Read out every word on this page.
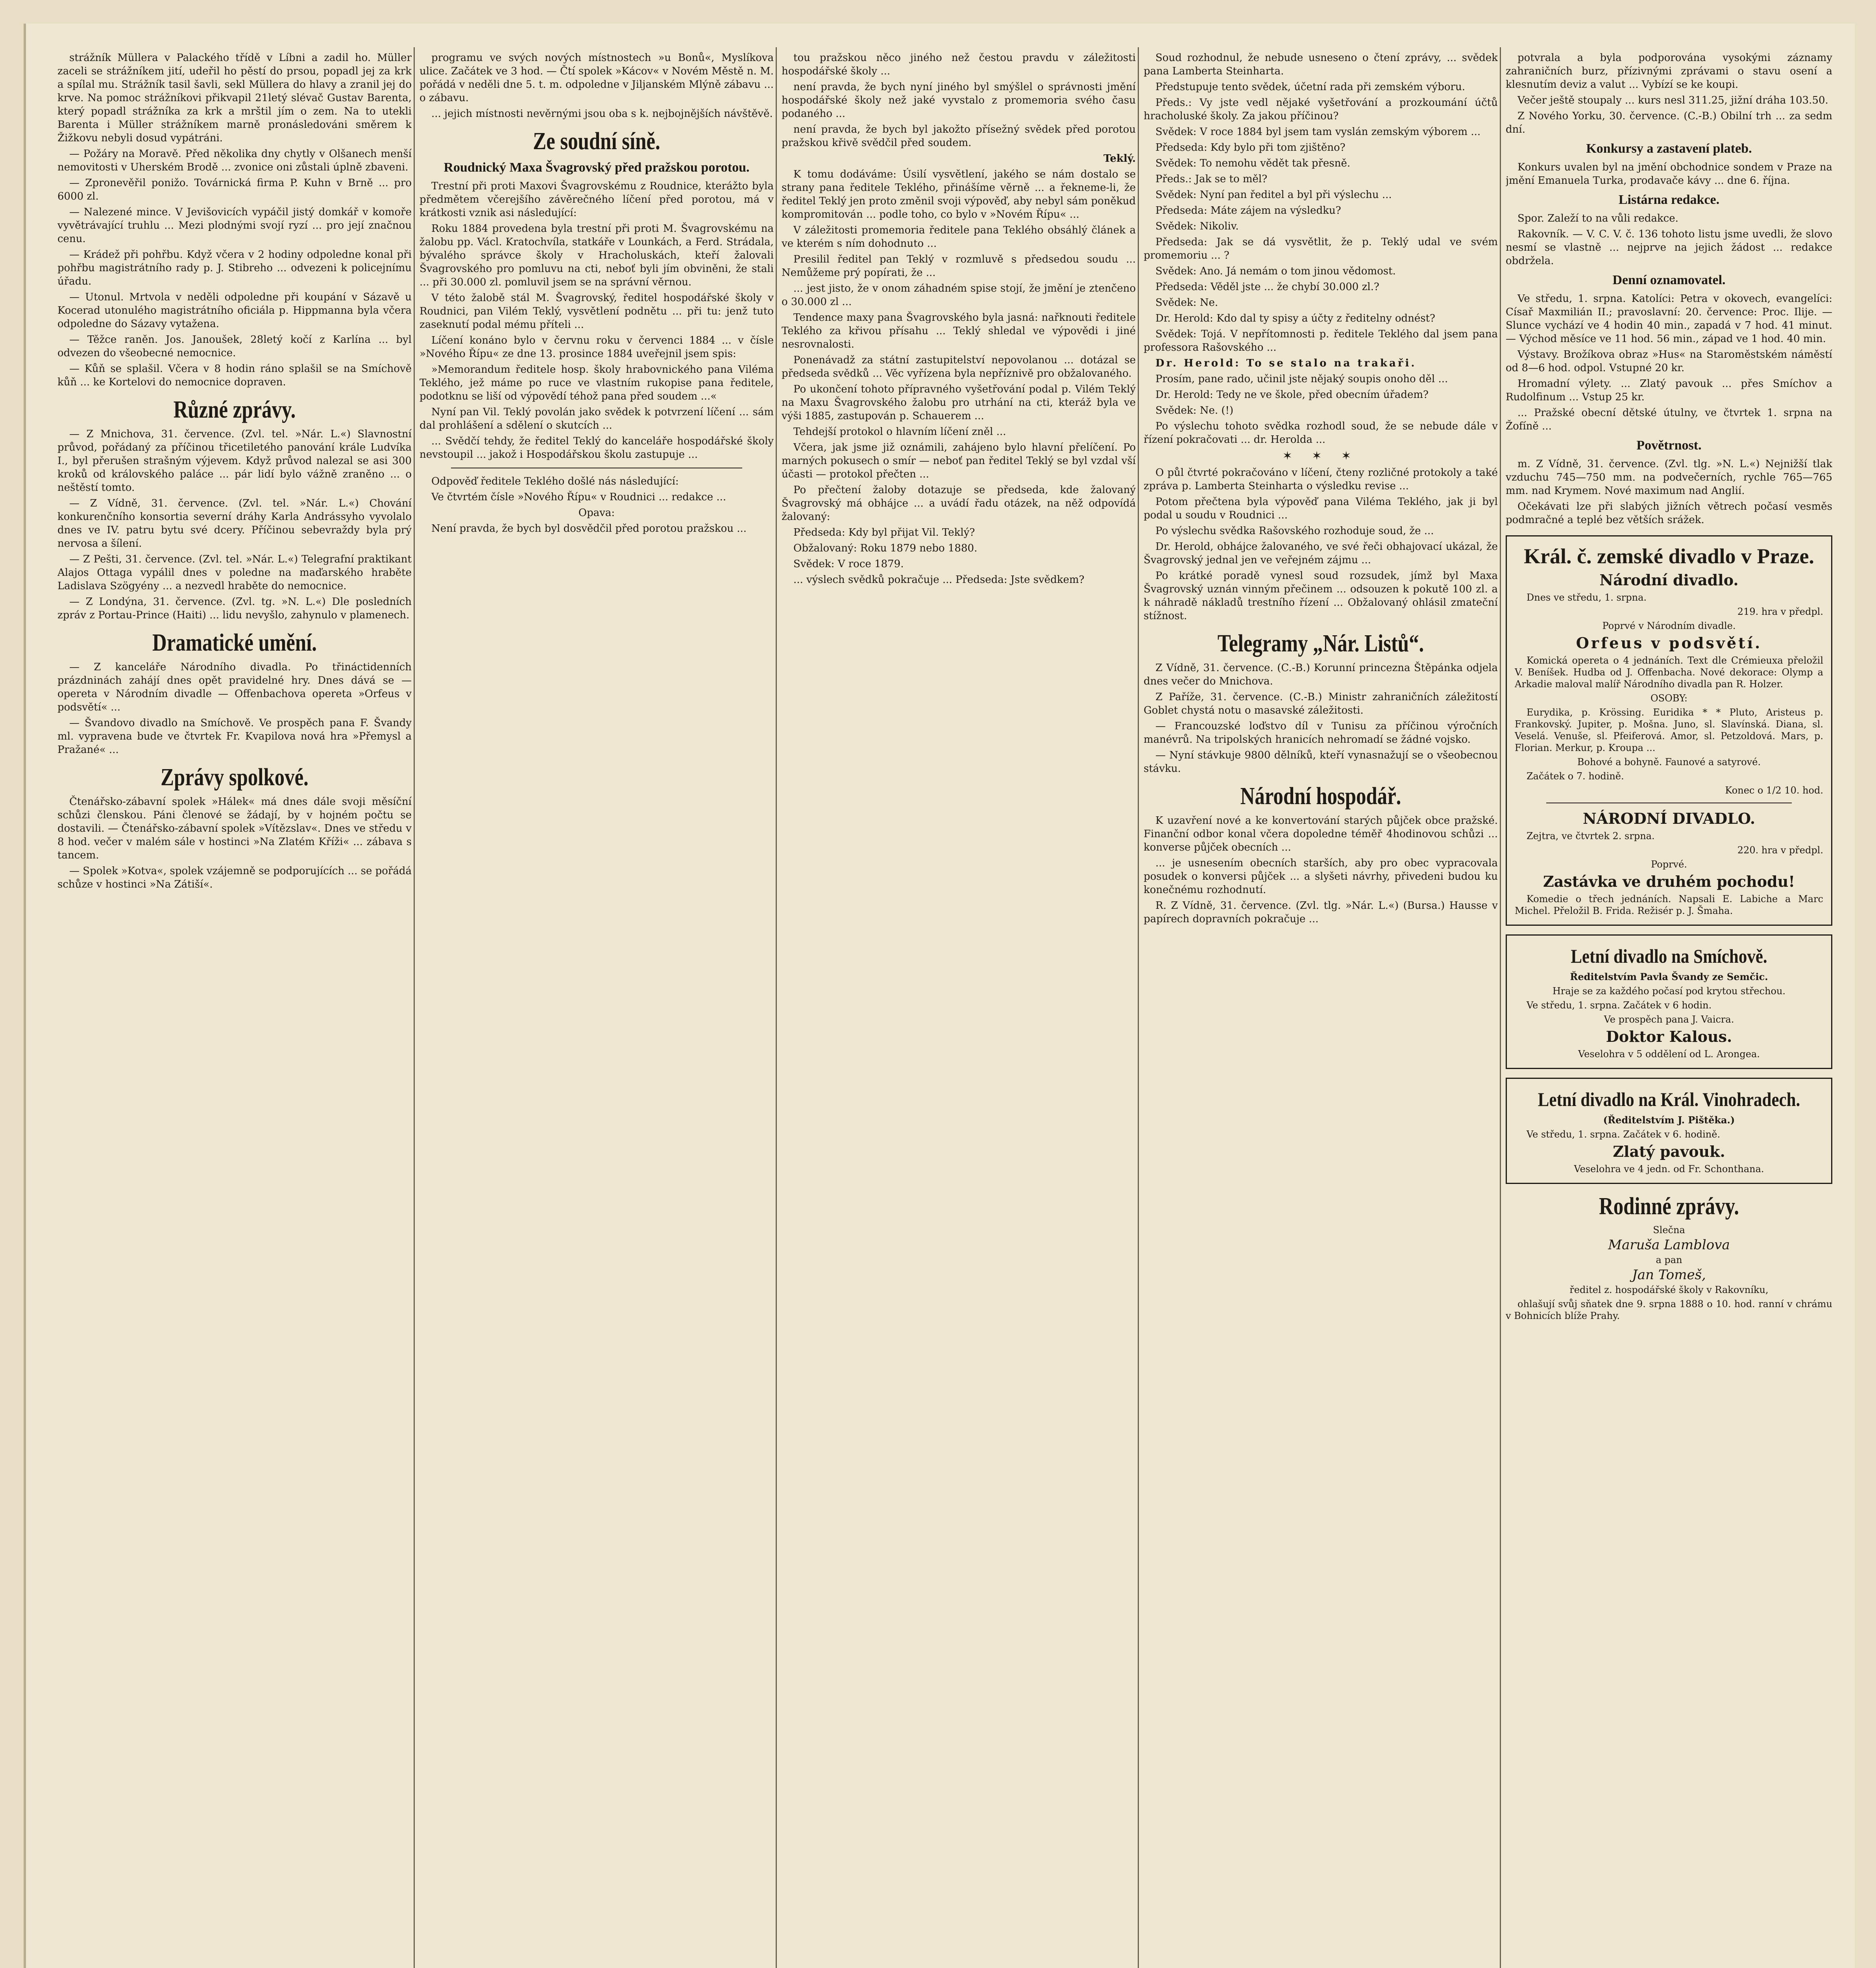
strážník Müllera v Palackého třídě v Líbni a zadil ho. Müller zaceli se strážníkem jití, udeřil ho pěstí do prsou, popadl jej za krk a spílal mu. Strážník tasil šavli, sekl Müllera do hlavy a zranil jej do krve. Na pomoc strážníkovi přikvapil 21letý slévač Gustav Barenta, který popadl strážníka za krk a mrštil jím o zem. Na to utekli Barenta i Müller strážníkem marně pronásledováni směrem k Žižkovu nebyli dosud vypátráni.

— Požáry na Moravě. Před několika dny chytly v Olšanech menší nemovitosti v Uherském Brodě ... zvonice oni zůstali úplně zbaveni.

— Zpronevěřil ponižo. Továrnická firma P. Kuhn v Brně ... pro 6000 zl.

— Nalezené mince. V Jevišovicích vypáčil jistý domkář v komoře vyvětrávající truhlu ... Mezi plodnými svojí ryzí ... pro její značnou cenu.

— Krádež při pohřbu. Když včera v 2 hodiny odpoledne konal při pohřbu magistrátního rady p. J. Stibreho ... odvezeni k policejnímu úřadu.

— Utonul. Mrtvola v neděli odpoledne při koupání v Sázavě u Kocerad utonulého magistrátního oficiála p. Hippmanna byla včera odpoledne do Sázavy vytažena.

— Těžce raněn. Jos. Janoušek, 28letý kočí z Karlína ... byl odvezen do všeobecné nemocnice.

— Kůň se splašil. Včera v 8 hodin ráno splašil se na Smíchově kůň ... ke Kortelovi do nemocnice dopraven.

Různé zprávy.

— Z Mnichova, 31. července. (Zvl. tel. »Nár. L.«) Slavnostní průvod, pořádaný za příčinou třicetiletého panování krále Ludvíka I., byl přerušen strašným výjevem. Když průvod nalezal se asi 300 kroků od královského paláce ... pár lidí bylo vážně zraněno ... o neštěstí tomto.

— Z Vídně, 31. července. (Zvl. tel. »Nár. L.«) Chování konkurenčního konsortia severní dráhy Karla Andrássyho vyvolalo dnes ve IV. patru bytu své dcery. Příčinou sebevraždy byla prý nervosa a šílení.

— Z Pešti, 31. července. (Zvl. tel. »Nár. L.«) Telegrafní praktikant Alajos Ottaga vypálil dnes v poledne na maďarského hraběte Ladislava Szögyény ... a nezvedl hraběte do nemocnice.

— Z Londýna, 31. července. (Zvl. tg. »N. L.«) Dle posledních zpráv z Portau-Prince (Haiti) ... lidu nevyšlo, zahynulo v plamenech.

Dramatické umění.

— Z kanceláře Národního divadla. Po třináctidenních prázdninách zahájí dnes opět pravidelné hry. Dnes dává se — opereta v Národním divadle — Offenbachova opereta »Orfeus v podsvětí« ...

— Švandovo divadlo na Smíchově. Ve prospěch pana F. Švandy ml. vypravena bude ve čtvrtek Fr. Kvapilova nová hra »Přemysl a Pražané« ...

Zprávy spolkové.

Čtenářsko-zábavní spolek »Hálek« má dnes dále svoji měsíční schůzi členskou. Páni členové se žádají, by v hojném počtu se dostavili. — Čtenářsko-zábavní spolek »Vítězslav«. Dnes ve středu v 8 hod. večer v malém sále v hostinci »Na Zlatém Kříži« ... zábava s tancem.

— Spolek »Kotva«, spolek vzájemně se podporujících ... se pořádá schůze v hostinci »Na Zátiší«.

programu ve svých nových místnostech »u Bonů«, Myslíkova ulice. Začátek ve 3 hod. — Čtí spolek »Kácov« v Novém Městě n. M. pořádá v neděli dne 5. t. m. odpoledne v Jiljanském Mlýně zábavu ... o zábavu.

... jejich místnosti nevěrnými jsou oba s k. nejbojnějších návštěvě.

Ze soudní síně.
Roudnický Maxa Švagrovský před pražskou porotou.

Trestní při proti Maxovi Švagrovskému z Roudnice, kterážto byla předmětem včerejšího závěrečného líčení před porotou, má v krátkosti vznik asi následující:

Roku 1884 provedena byla trestní při proti M. Švagrovskému na žalobu pp. Václ. Kratochvíla, statkáře v Lounkách, a Ferd. Strádala, bývalého správce školy v Hracholuskách, kteří žalovali Švagrovského pro pomluvu na cti, neboť byli jím obviněni, že stali ... při 30.000 zl. pomluvil jsem se na správní věrnou.

V této žalobě stál M. Švagrovský, ředitel hospodářské školy v Roudnici, pan Vilém Teklý, vysvětlení podnětu ... při tu: jenž tuto zaseknutí podal mému příteli ...

Líčení konáno bylo v červnu roku v červenci 1884 ... v čísle »Nového Řípu« ze dne 13. prosince 1884 uveřejnil jsem spis:

»Memorandum ředitele hosp. školy hrabovnického pana Viléma Teklého, jež máme po ruce ve vlastním rukopise pana ředitele, podotknu se liší od výpovědí téhož pana před soudem ...«

Nyní pan Vil. Teklý povolán jako svědek k potvrzení líčení ... sám dal prohlášení a sdělení o skutcích ...

... Svědčí tehdy, že ředitel Teklý do kanceláře hospodářské školy nevstoupil ... jakož i Hospodářskou školu zastupuje ...

Odpověď ředitele Teklého došlé nás následující:

Ve čtvrtém čísle »Nového Řípu« v Roudnici ... redakce ...

Opava:

Není pravda, že bych byl dosvědčil před porotou pražskou ...

tou pražskou něco jiného než čestou pravdu v záležitosti hospodářské školy ...

není pravda, že bych nyní jiného byl smýšlel o správnosti jmění hospodářské školy než jaké vyvstalo z promemoria svého času podaného ...

není pravda, že bych byl jakožto přísežný svědek před porotou pražskou křivě svědčil před soudem.

Teklý.

K tomu dodáváme: Úsilí vysvětlení, jakého se nám dostalo se strany pana ředitele Teklého, přinášíme věrně ... a řekneme-li, že ředitel Teklý jen proto změnil svoji výpověď, aby nebyl sám poněkud kompromitován ... podle toho, co bylo v »Novém Řípu« ...

V záležitosti promemoria ředitele pana Teklého obsáhlý článek a ve kterém s ním dohodnuto ...

Presilil ředitel pan Teklý v rozmluvě s předsedou soudu ... Nemůžeme prý popírati, že ...

... jest jisto, že v onom záhadném spise stojí, že jmění je ztenčeno o 30.000 zl ...

Tendence maxy pana Švagrovského byla jasná: nařknouti ředitele Teklého za křivou přísahu ... Teklý shledal ve výpovědi i jiné nesrovnalosti.

Ponenávadž za státní zastupitelství nepovolanou ... dotázal se předseda svědků ... Věc vyřízena byla nepříznivě pro obžalovaného.

Po ukončení tohoto přípravného vyšetřování podal p. Vilém Teklý na Maxu Švagrovského žalobu pro utrhání na cti, kteráž byla ve výši 1885, zastupován p. Schauerem ...

Tehdejší protokol o hlavním líčení zněl ...

Včera, jak jsme již oznámili, zahájeno bylo hlavní přelíčení. Po marných pokusech o smír — neboť pan ředitel Teklý se byl vzdal vší účasti — protokol přečten ...

Po přečtení žaloby dotazuje se předseda, kde žalovaný Švagrovský má obhájce ... a uvádí řadu otázek, na něž odpovídá žalovaný:

Předseda: Kdy byl přijat Vil. Teklý?

Obžalovaný: Roku 1879 nebo 1880.

Svědek: V roce 1879.

... výslech svědků pokračuje ... Předseda: Jste svědkem?

Soud rozhodnul, že nebude usneseno o čtení zprávy, ... svědek pana Lamberta Steinharta.

Předstupuje tento svědek, účetní rada při zemském výboru.

Předs.: Vy jste vedl nějaké vyšetřování a prozkoumání účtů hracholuské školy. Za jakou příčinou?

Svědek: V roce 1884 byl jsem tam vyslán zemským výborem ...

Předseda: Kdy bylo při tom zjištěno?

Svědek: To nemohu vědět tak přesně.

Předs.: Jak se to měl?

Svědek: Nyní pan ředitel a byl při výslechu ...

Předseda: Máte zájem na výsledku?

Svědek: Nikoliv.

Předseda: Jak se dá vysvětlit, že p. Teklý udal ve svém promemoriu ... ?

Svědek: Ano. Já nemám o tom jinou vědomost.

Předseda: Věděl jste ... že chybí 30.000 zl.?

Svědek: Ne.

Dr. Herold: Kdo dal ty spisy a účty z ředitelny odnést?

Svědek: Tojá. V nepřítomnosti p. ředitele Teklého dal jsem pana professora Rašovského ...

Dr. Herold: To se stalo na trakaři.

Prosím, pane rado, učinil jste nějaký soupis onoho děl ...

Dr. Herold: Tedy ne ve škole, před obecním úřadem?

Svědek: Ne. (!)

Po výslechu tohoto svědka rozhodl soud, že se nebude dále v řízení pokračovati ... dr. Herolda ...

✶ ✶ ✶

O půl čtvrté pokračováno v líčení, čteny rozličné protokoly a také zpráva p. Lamberta Steinharta o výsledku revise ...

Potom přečtena byla výpověď pana Viléma Teklého, jak ji byl podal u soudu v Roudnici ...

Po výslechu svědka Rašovského rozhoduje soud, že ...

Dr. Herold, obhájce žalovaného, ve své řeči obhajovací ukázal, že Švagrovský jednal jen ve veřejném zájmu ...

Po krátké poradě vynesl soud rozsudek, jímž byl Maxa Švagrovský uznán vinným přečinem ... odsouzen k pokutě 100 zl. a k náhradě nákladů trestního řízení ... Obžalovaný ohlásil zmateční stížnost.

Telegramy „Nár. Listů“.

Z Vídně, 31. července. (C.-B.) Korunní princezna Štěpánka odjela dnes večer do Mnichova.

Z Paříže, 31. července. (C.-B.) Ministr zahraničních záležitostí Goblet chystá notu o masavské záležitosti.

— Francouzské loďstvo díl v Tunisu za příčinou výročních manévrů. Na tripolských hranicích nehromadí se žádné vojsko.

— Nyní stávkuje 9800 dělníků, kteří vynasnažují se o všeobecnou stávku.

Národní hospodář.

K uzavření nové a ke konvertování starých půjček obce pražské. Finanční odbor konal včera dopoledne téměř 4hodinovou schůzi ... konverse půjček obecních ...

... je usnesením obecních starších, aby pro obec vypracovala posudek o konversi půjček ... a slyšeti návrhy, přivedeni budou ku konečnému rozhodnutí.

R. Z Vídně, 31. července. (Zvl. tlg. »Nár. L.«) (Bursa.) Hausse v papírech dopravních pokračuje ...

potvrala a byla podporována vysokými záznamy zahraničních burz, přízivnými zprávami o stavu osení a klesnutím deviz a valut ... Vybízí se ke koupi.

Večer ještě stoupaly ... kurs nesl 311.25, jižní dráha 103.50.

Z Nového Yorku, 30. července. (C.-B.) Obilní trh ... za sedm dní.

Konkursy a zastavení plateb.

Konkurs uvalen byl na jmění obchodnice sondem v Praze na jmění Emanuela Turka, prodavače kávy ... dne 6. října.

Listárna redakce.

Spor. Zaleží to na vůli redakce.

Rakovník. — V. C. V. č. 136 tohoto listu jsme uvedli, že slovo nesmí se vlastně ... nejprve na jejich žádost ... redakce obdržela.

Denní oznamovatel.

Ve středu, 1. srpna. Katolíci: Petra v okovech, evangelíci: Císař Maxmilián II.; pravoslavní: 20. července: Proc. Ilije. — Slunce vychází ve 4 hodin 40 min., zapadá v 7 hod. 41 minut. — Východ měsíce ve 11 hod. 56 min., západ ve 1 hod. 40 min.

Výstavy. Brožíkova obraz »Hus« na Staroměstském náměstí od 8—6 hod. odpol. Vstupné 20 kr.

Hromadní výlety. ... Zlatý pavouk ... přes Smíchov a Rudolfinum ... Vstup 25 kr.

... Pražské obecní dětské útulny, ve čtvrtek 1. srpna na Žofíně ...

Povětrnost.

m. Z Vídně, 31. července. (Zvl. tlg. »N. L.«) Nejnižší tlak vzduchu 745—750 mm. na podvečerních, rychle 765—765 mm. nad Krymem. Nové maximum nad Anglií.

Očekávati lze při slabých jižních větrech počasí vesměs podmračné a teplé bez větších srážek.

Král. č. zemské divadlo v Praze.

Národní divadlo.

Dnes ve středu, 1. srpna.

219. hra v předpl.

Poprvé v Národním divadle.

Orfeus v podsvětí.

Komická opereta o 4 jednáních. Text dle Crémieuxa přeložil V. Beníšek. Hudba od J. Offenbacha. Nové dekorace: Olymp a Arkadie maloval malíř Národního divadla pan R. Holzer.

OSOBY:

Eurydika, p. Krössing. Euridika * * Pluto, Aristeus p. Frankovský. Jupiter, p. Mošna. Juno, sl. Slavínská. Diana, sl. Veselá. Venuše, sl. Pfeiferová. Amor, sl. Petzoldová. Mars, p. Florian. Merkur, p. Kroupa ...

Bohové a bohyně. Faunové a satyrové.

Začátek o 7. hodině.

Konec o 1/2 10. hod.

NÁRODNÍ DIVADLO.

Zejtra, ve čtvrtek 2. srpna.

220. hra v předpl.

Poprvé.

Zastávka ve druhém pochodu!

Komedie o třech jednáních. Napsali E. Labiche a Marc Michel. Přeložil B. Frida. Režisér p. J. Šmaha.

Letní divadlo na Smíchově.

Ředitelstvím Pavla Švandy ze Semčic.

Hraje se za každého počasí pod krytou střechou.

Ve středu, 1. srpna. Začátek v 6 hodin.

Ve prospěch pana J. Vaicra.

Doktor Kalous.

Veselohra v 5 oddělení od L. Arongea.

Letní divadlo na Král. Vinohradech.

(Ředitelstvím J. Pištěka.)

Ve středu, 1. srpna. Začátek v 6. hodině.

Zlatý pavouk.

Veselohra ve 4 jedn. od Fr. Schonthana.

Rodinné zprávy.

Slečna

Maruša Lamblova

a pan

Jan Tomeš,

ředitel z. hospodářské školy v Rakovníku,

ohlašují svůj sňatek dne 9. srpna 1888 o 10. hod. ranní v chrámu v Bohnicích blíže Prahy.
